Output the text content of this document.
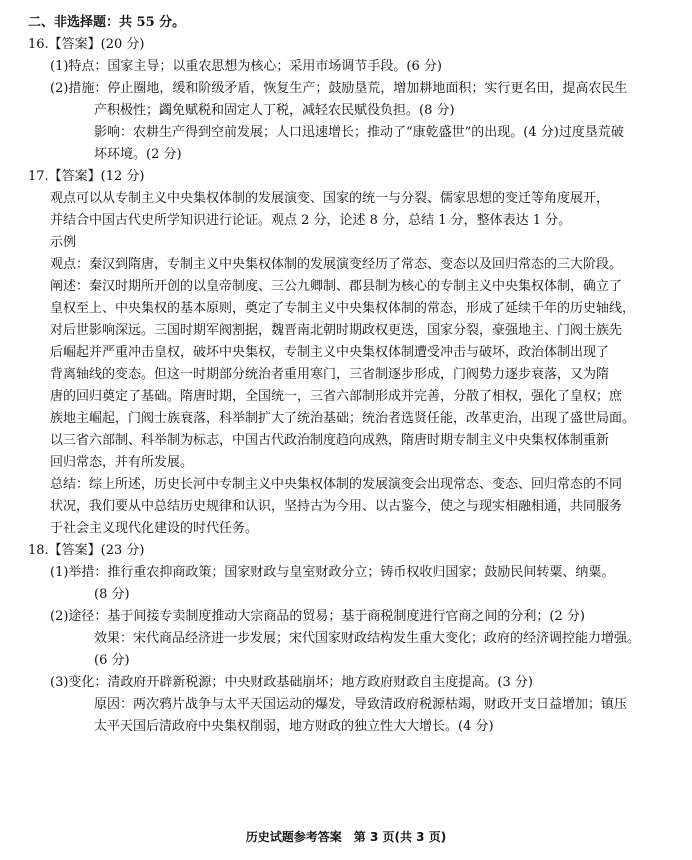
二、非选择题：共 55 分。
16.【答案】(20 分)
(1)特点：国家主导；以重农思想为核心；采用市场调节手段。(6 分)
(2)措施：停止圈地，缓和阶级矛盾，恢复生产；鼓励垦荒，增加耕地面积；实行更名田，提高农民生
产积极性；蠲免赋税和固定人丁税，减轻农民赋役负担。(8 分)
影响：农耕生产得到空前发展；人口迅速增长；推动了“康乾盛世”的出现。(4 分)过度垦荒破
坏环境。(2 分)
17.【答案】(12 分)
观点可以从专制主义中央集权体制的发展演变、国家的统一与分裂、儒家思想的变迁等角度展开，
并结合中国古代史所学知识进行论证。观点 2 分，论述 8 分，总结 1 分，整体表达 1 分。
示例
观点：秦汉到隋唐，专制主义中央集权体制的发展演变经历了常态、变态以及回归常态的三大阶段。
阐述：秦汉时期所开创的以皇帝制度、三公九卿制、郡县制为核心的专制主义中央集权体制，确立了
皇权至上、中央集权的基本原则，奠定了专制主义中央集权体制的常态，形成了延续千年的历史轴线，
对后世影响深远。三国时期军阀割据，魏晋南北朝时期政权更迭，国家分裂，豪强地主、门阀士族先
后崛起并严重冲击皇权，破坏中央集权，专制主义中央集权体制遭受冲击与破坏，政治体制出现了
背离轴线的变态。但这一时期部分统治者重用寒门，三省制逐步形成，门阀势力逐步衰落，又为隋
唐的回归奠定了基础。隋唐时期，全国统一，三省六部制形成并完善，分散了相权，强化了皇权；庶
族地主崛起，门阀士族衰落，科举制扩大了统治基础；统治者选贤任能，改革吏治，出现了盛世局面。
以三省六部制、科举制为标志，中国古代政治制度趋向成熟，隋唐时期专制主义中央集权体制重新
回归常态，并有所发展。
总结：综上所述，历史长河中专制主义中央集权体制的发展演变会出现常态、变态、回归常态的不同
状况，我们要从中总结历史规律和认识，坚持古为今用、以古鉴今，使之与现实相融相通，共同服务
于社会主义现代化建设的时代任务。
18.【答案】(23 分)
(1)举措：推行重农抑商政策；国家财政与皇室财政分立；铸币权收归国家；鼓励民间转粟、纳粟。
(8 分)
(2)途径：基于间接专卖制度推动大宗商品的贸易；基于商税制度进行官商之间的分利；(2 分)
效果：宋代商品经济进一步发展；宋代国家财政结构发生重大变化；政府的经济调控能力增强。
(6 分)
(3)变化：清政府开辟新税源；中央财政基础崩坏；地方政府财政自主度提高。(3 分)
原因：两次鸦片战争与太平天国运动的爆发，导致清政府税源枯竭，财政开支日益增加；镇压
太平天国后清政府中央集权削弱，地方财政的独立性大大增长。(4 分)
历史试题参考答案　第 3 页(共 3 页)
